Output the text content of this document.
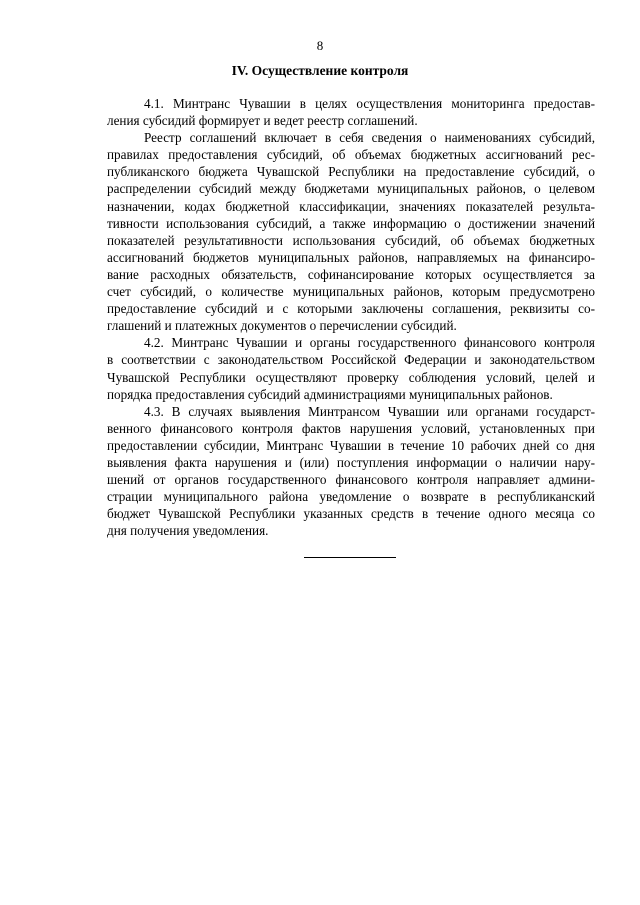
8
IV. Осуществление контроля

4.1. Минтранс Чувашии в целях осуществления мониторинга предостав-
ления субсидий формирует и ведет реестр соглашений.

Реестр соглашений включает в себя сведения о наименованиях субсидий,
правилах предоставления субсидий, об объемах бюджетных ассигнований рес-
публиканского бюджета Чувашской Республики на предоставление субсидий, о
распределении субсидий между бюджетами муниципальных районов, о целевом
назначении, кодах бюджетной классификации, значениях показателей результа-
тивности использования субсидий, а также информацию о достижении значений
показателей результативности использования субсидий, об объемах бюджетных
ассигнований бюджетов муниципальных районов, направляемых на финансиро-
вание расходных обязательств, софинансирование которых осуществляется за
счет субсидий, о количестве муниципальных районов, которым предусмотрено
предоставление субсидий и с которыми заключены соглашения, реквизиты со-
глашений и платежных документов о перечислении субсидий.

4.2. Минтранс Чувашии и органы государственного финансового контроля
в соответствии с законодательством Российской Федерации и законодательством
Чувашской Республики осуществляют проверку соблюдения условий, целей и
порядка предоставления субсидий администрациями муниципальных районов.

4.3. В случаях выявления Минтрансом Чувашии или органами государст-
венного финансового контроля фактов нарушения условий, установленных при
предоставлении субсидии, Минтранс Чувашии в течение 10 рабочих дней со дня
выявления факта нарушения и (или) поступления информации о наличии нару-
шений от органов государственного финансового контроля направляет админи-
страции муниципального района уведомление о возврате в республиканский
бюджет Чувашской Республики указанных средств в течение одного месяца со
дня получения уведомления.
